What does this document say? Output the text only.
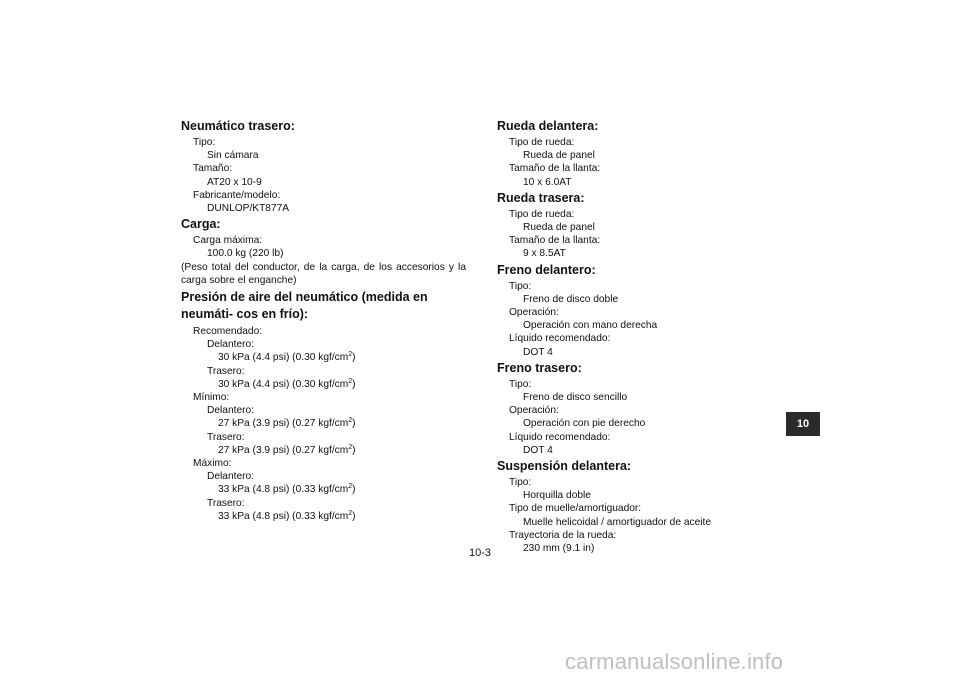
Neumático trasero:
Tipo:
Sin cámara
Tamaño:
AT20 x 10-9
Fabricante/modelo:
DUNLOP/KT877A
Carga:
Carga máxima:
100.0 kg (220 lb)
(Peso total del conductor, de la carga, de los accesorios y la carga sobre el enganche)
Presión de aire del neumático (medida en neumáti- cos en frío):
Recomendado:
Delantero:
30 kPa (4.4 psi) (0.30 kgf/$cm^2$)
Trasero:
30 kPa (4.4 psi) (0.30 kgf/$cm^2$)
Mínimo:
Delantero:
27 kPa (3.9 psi) (0.27 kgf/$cm^2$)
Trasero:
27 kPa (3.9 psi) (0.27 kgf/$cm^2$)
Máximo:
Delantero:
33 kPa (4.8 psi) (0.33 kgf/$cm^2$)
Trasero:
33 kPa (4.8 psi) (0.33 kgf/$cm^2$)
Rueda delantera:
Tipo de rueda:
Rueda de panel
Tamaño de la llanta:
10 x 6.0AT
Rueda trasera:
Tipo de rueda:
Rueda de panel
Tamaño de la llanta:
9 x 8.5AT
Freno delantero:
Tipo:
Freno de disco doble
Operación:
Operación con mano derecha
Líquido recomendado:
DOT 4
Freno trasero:
Tipo:
Freno de disco sencillo
Operación:
Operación con pie derecho
Líquido recomendado:
DOT 4
Suspensión delantera:
Tipo:
Horquilla doble
Tipo de muelle/amortiguador:
Muelle helicoidal / amortiguador de aceite
Trayectoria de la rueda:
230 mm (9.1 in)
10-3
10
carmanualsonline.info
